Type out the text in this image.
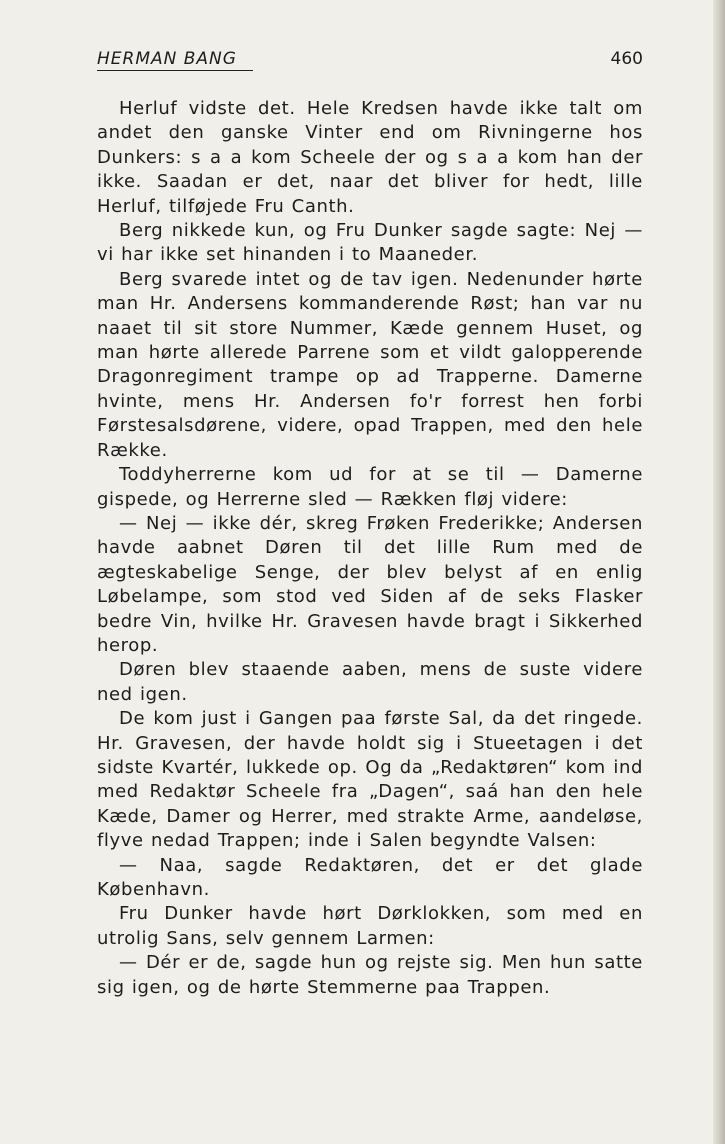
HERMAN BANG	460

Herluf vidste det. Hele Kredsen havde ikke talt om andet den ganske Vinter end om Rivningerne hos Dunkers: s a a kom Scheele der og s a a kom han der ikke. Saadan er det, naar det bliver for hedt, lille Herluf, tilføjede Fru Canth.

Berg nikkede kun, og Fru Dunker sagde sagte: Nej — vi har ikke set hinanden i to Maaneder.

Berg svarede intet og de tav igen. Nedenunder hørte man Hr. Andersens kommanderende Røst; han var nu naaet til sit store Nummer, Kæde gennem Huset, og man hørte allerede Parrene som et vildt galopperende Dragonregiment trampe op ad Trapperne. Damerne hvinte, mens Hr. Andersen fo'r forrest hen forbi Førstesalsdørene, videre, opad Trappen, med den hele Række.

Toddyherrerne kom ud for at se til — Damerne gispede, og Herrerne sled — Rækken fløj videre:

— Nej — ikke dér, skreg Frøken Frederikke; Andersen havde aabnet Døren til det lille Rum med de ægteskabelige Senge, der blev belyst af en enlig Løbelampe, som stod ved Siden af de seks Flasker bedre Vin, hvilke Hr. Gravesen havde bragt i Sikkerhed herop.

Døren blev staaende aaben, mens de suste videre ned igen.

De kom just i Gangen paa første Sal, da det ringede. Hr. Gravesen, der havde holdt sig i Stueetagen i det sidste Kvartér, lukkede op. Og da „Redaktøren“ kom ind med Redaktør Scheele fra „Dagen“, saá han den hele Kæde, Damer og Herrer, med strakte Arme, aandeløse, flyve nedad Trappen; inde i Salen begyndte Valsen:

— Naa, sagde Redaktøren, det er det glade København.

Fru Dunker havde hørt Dørklokken, som med en utrolig Sans, selv gennem Larmen:

— Dér er de, sagde hun og rejste sig. Men hun satte sig igen, og de hørte Stemmerne paa Trappen.
